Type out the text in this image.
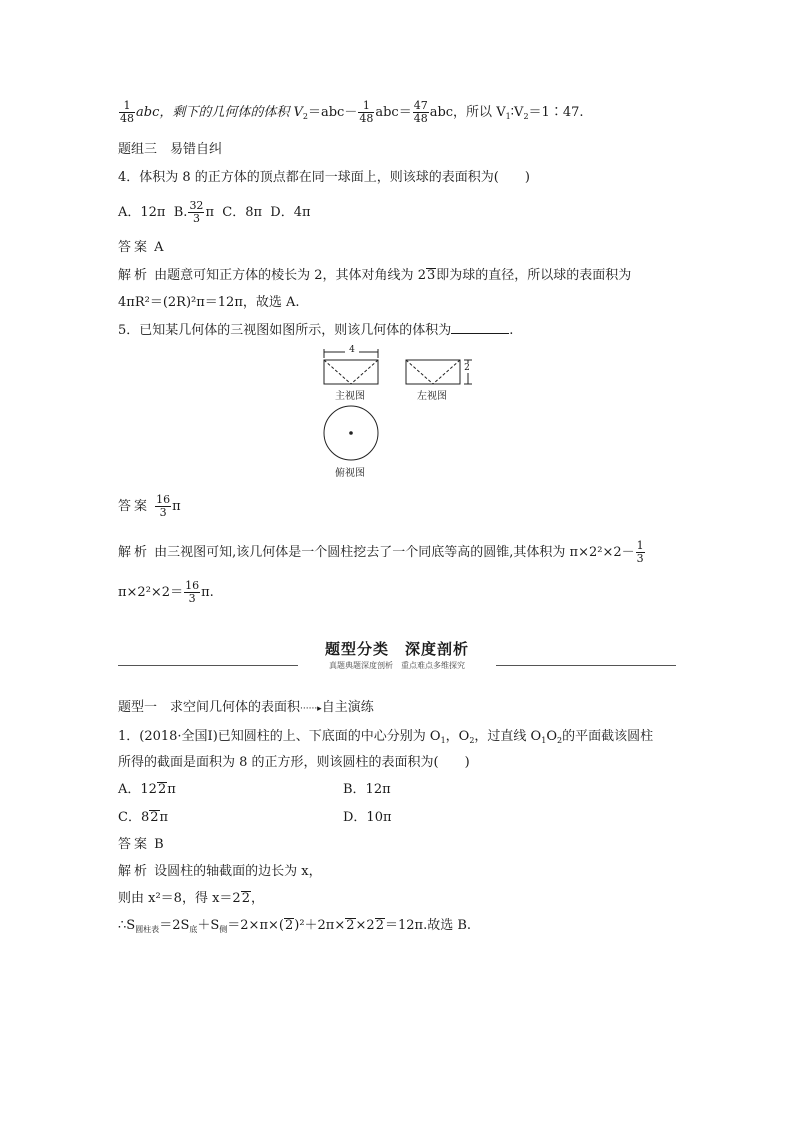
$\frac{1}{48}$ abc，剩下的几何体的体积 $V_2=abc- \frac{1}{48} abc= \frac{47}{48}$ abc，所以 $V_1∶V_2=1∶47$.
题组三　易错自纠
4．体积为 8 的正方体的顶点都在同一球面上，则该球的表面积为(　　)
A．12π B. $\frac{32}{3}$ π C．8π D．4π
答案 A
解析 由题意可知正方体的棱长为 2，其体对角线为 23即为球的直径，所以球的表面积为
4πR²＝(2R)²π＝12π，故选 A.
5．已知某几何体的三视图如图所示，则该几何体的体积为	.
4
2
主视图	左视图
俯视图
答案 $\frac{16}{3}$ π
解析 由三视图可知,该几何体是一个圆柱挖去了一个同底等高的圆锥,其体积为 $\pi\times 2^2\times 2- \frac{1}{3}$
$\pi\times 2^2\times 2= \frac{16}{3} \pi$.
题型分类　深度剖析
真题典题深度剖析　重点难点多维探究
题型一　求空间几何体的表面积······▸自主演练
1．(2018·全国Ⅰ)已知圆柱的上、下底面的中心分别为 $O_1$，$O_2$，过直线 $O_1O_2$的平面截该圆柱
所得的截面是面积为 8 的正方形，则该圆柱的表面积为(　　)
A．122π	B．12π
C．82π	D．10π
答案 B
解析 设圆柱的轴截面的边长为 x，
则由 x²＝8，得 x＝22，
$\therefore S_{圆柱表}=2S_底+S_侧=2\times\pi\times(2)^2+2\pi\times 2\times 22=12\pi$.故选 B.
